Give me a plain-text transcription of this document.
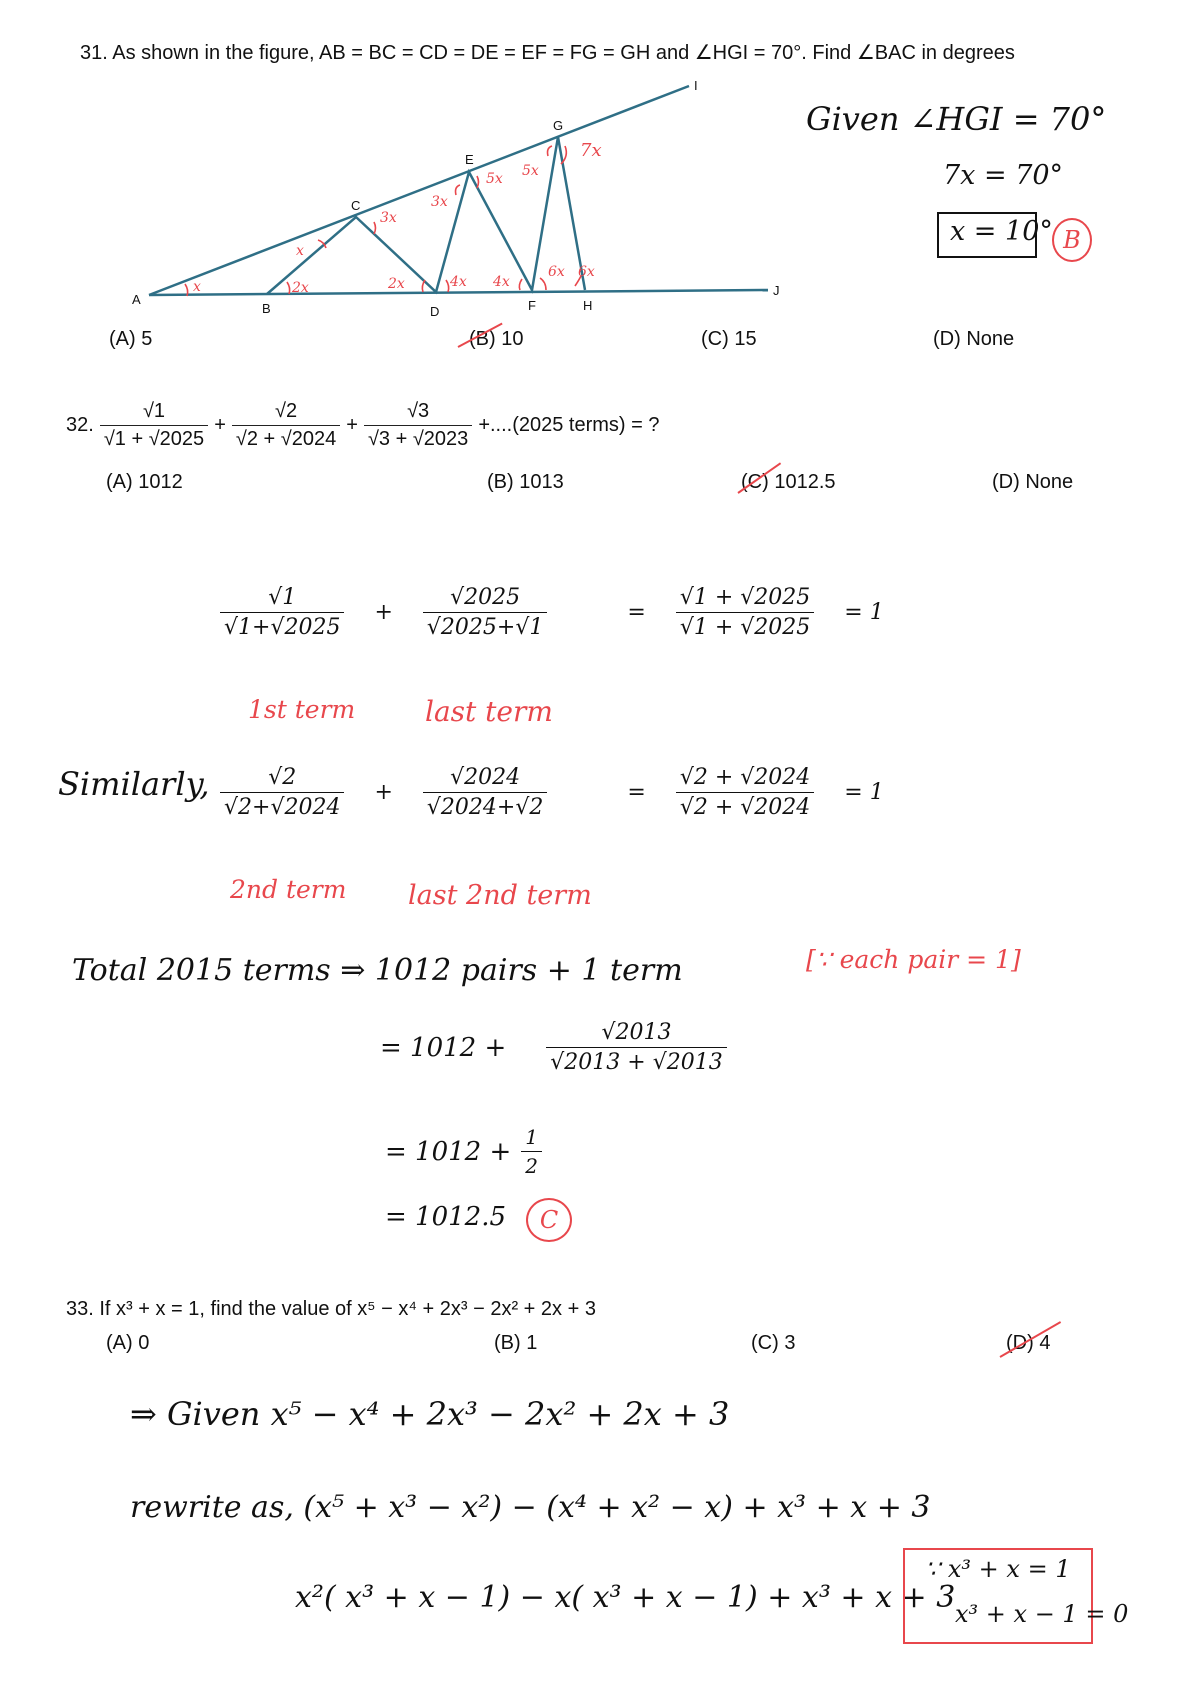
31. As shown in the figure, AB = BC = CD = DE = EF = FG = GH and ∠HGI = 70°. Find ∠BAC in degrees
A
B
C
D
E
F
G
H
I
J
x
x
2x	2x
3x
3x
4x 4x
5x 5x
6x 6x
7x
Given ∠HGI = 70°
7x = 70°
x = 10° B
(A) 5	(B) 10	(C) 15	(D) None
32. $\frac{√1}{√1 + √2025} + \frac{√2}{√2 + √2024} + \frac{√3}{√3 + √2023} +....(2025$ terms) = ?
(A) 1012	(B) 1013	(C) 1012.5	(D) None
$\frac{√1}{√1+√2025} + \frac{√2025}{√2025+√1}$	= $\frac{√1 + √2025}{√1 + √2025} = 1$
1st term last term
Similarly, $\frac{√2}{√2+√2024} + \frac{√2024}{√2024+√2}$	= $\frac{√2 + √2024}{√2 + √2024} = 1$
2nd term last 2nd term
Total 2015 terms ⇒ 1012 pairs + 1 term	[∵ each pair = 1]
= $1012 + \frac{√2013}{√2013 + √2013}$
= $1012 + \frac{1}{2}$
= 1012.5	C
33. If x³ + x = 1, find the value of x⁵ − x⁴ + 2x³ − 2x² + 2x + 3
(A) 0	(B) 1	(C) 3	(D) 4
⇒ Given x⁵ − x⁴ + 2x³ − 2x² + 2x + 3
rewrite as, (x⁵ + x³ − x²) − (x⁴ + x² − x) + x³ + x + 3
x²( x³ + x − 1) − x( x³ + x − 1) + x³ + x + 3
∵ x³ + x = 1
x³ + x − 1 = 0
